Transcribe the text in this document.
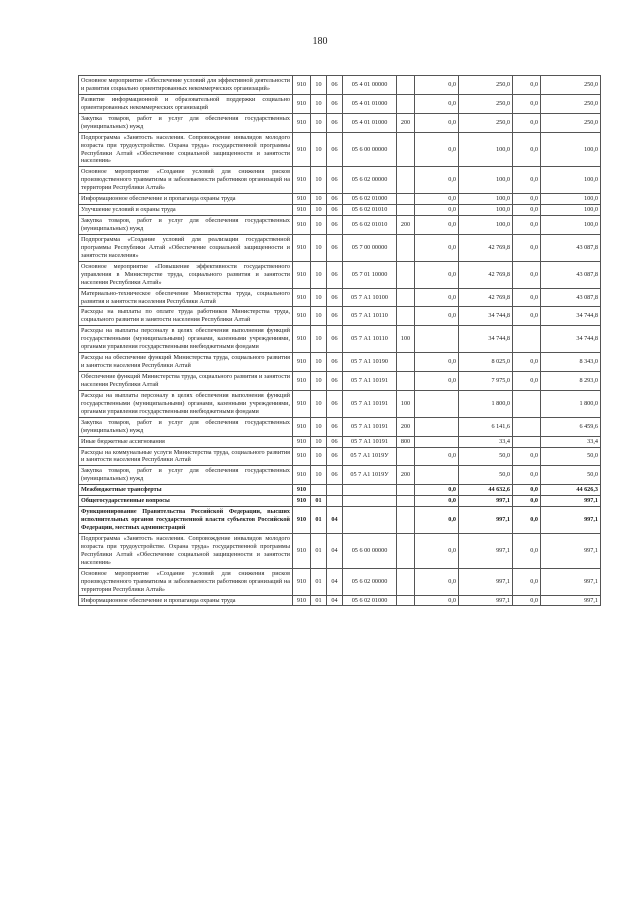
180
Основное мероприятие «Обеспечение условий для эффективной деятельности и развития социально ориентированных некоммерческих организаций»	910	10	06	05 4 01 00000		0,0	250,0	0,0	250,0
Развитие информационной и образовательной поддержки социально ориентированных некоммерческих организаций	910	10	06	05 4 01 01000		0,0	250,0	0,0	250,0
Закупка товаров, работ и услуг для обеспечения государственных (муниципальных) нужд	910	10	06	05 4 01 01000	200	0,0	250,0	0,0	250,0
Подпрограмма «Занятость населения. Сопровождение инвалидов молодого возраста при трудоустройстве. Охрана труда» государственной программы Республики Алтай «Обеспечение социальной защищенности и занятости населения»	910	10	06	05 6 00 00000		0,0	100,0	0,0	100,0
Основное мероприятие «Создание условий для снижения рисков производственного травматизма и заболеваемости работников организаций на территории Республики Алтай»	910	10	06	05 6 02 00000		0,0	100,0	0,0	100,0
Информационное обеспечение и пропаганда охраны труда	910	10	06	05 6 02 01000		0,0	100,0	0,0	100,0
Улучшение условий и охраны труда	910	10	06	05 6 02 01010		0,0	100,0	0,0	100,0
Закупка товаров, работ и услуг для обеспечения государственных (муниципальных) нужд	910	10	06	05 6 02 01010	200	0,0	100,0	0,0	100,0
Подпрограмма «Создание условий для реализации государственной программы Республики Алтай «Обеспечение социальной защищенности и занятости населения»	910	10	06	05 7 00 00000		0,0	42 769,8	0,0	43 087,8
Основное мероприятие «Повышение эффективности государственного управления в Министерстве труда, социального развития и занятости населения Республики Алтай»	910	10	06	05 7 01 10000		0,0	42 769,8	0,0	43 087,8
Материально-техническое обеспечение Министерства труда, социального развития и занятости населения Республики Алтай	910	10	06	05 7 А1 10100		0,0	42 769,8	0,0	43 087,8
Расходы на выплаты по оплате труда работников Министерства труда, социального развития и занятости населения Республики Алтай	910	10	06	05 7 А1 10110		0,0	34 744,8	0,0	34 744,8
Расходы на выплаты персоналу в целях обеспечения выполнения функций государственными (муниципальными) органами, казенными учреждениями, органами управления государственными внебюджетными фондами	910	10	06	05 7 А1 10110	100		34 744,8		34 744,8
Расходы на обеспечение функций Министерства труда, социального развития и занятости населения Республики Алтай	910	10	06	05 7 А1 10190		0,0	8 025,0	0,0	8 343,0
Обеспечение функций Министерства труда, социального развития и занятости населения Республики Алтай	910	10	06	05 7 А1 10191		0,0	7 975,0	0,0	8 293,0
Расходы на выплаты персоналу в целях обеспечения выполнения функций государственными (муниципальными) органами, казенными учреждениями, органами управления государственными внебюджетными фондами	910	10	06	05 7 А1 10191	100		1 800,0		1 800,0
Закупка товаров, работ и услуг для обеспечения государственных (муниципальных) нужд	910	10	06	05 7 А1 10191	200		6 141,6		6 459,6
Иные бюджетные ассигнования	910	10	06	05 7 А1 10191	800		33,4		33,4
Расходы на коммунальные услуги Министерства труда, социального развития и занятости населения Республики Алтай	910	10	06	05 7 А1 1019У		0,0	50,0	0,0	50,0
Закупка товаров, работ и услуг для обеспечения государственных (муниципальных) нужд	910	10	06	05 7 А1 1019У	200		50,0	0,0	50,0
Межбюджетные трансферты	910					0,0	44 632,6	0,0	44 626,3
Общегосударственные вопросы	910	01				0,0	997,1	0,0	997,1
Функционирование Правительства Российской Федерации, высших исполнительных органов государственной власти субъектов Российской Федерации, местных администраций	910	01	04			0,0	997,1	0,0	997,1
Подпрограмма «Занятость населения. Сопровождение инвалидов молодого возраста при трудоустройстве. Охрана труда» государственной программы Республики Алтай «Обеспечение социальной защищенности и занятости населения»	910	01	04	05 6 00 00000		0,0	997,1	0,0	997,1
Основное мероприятие «Создание условий для снижения рисков производственного травматизма и заболеваемости работников организаций на территории Республики Алтай»	910	01	04	05 6 02 00000		0,0	997,1	0,0	997,1
Информационное обеспечение и пропаганда охраны труда	910	01	04	05 6 02 01000		0,0	997,1	0,0	997,1
